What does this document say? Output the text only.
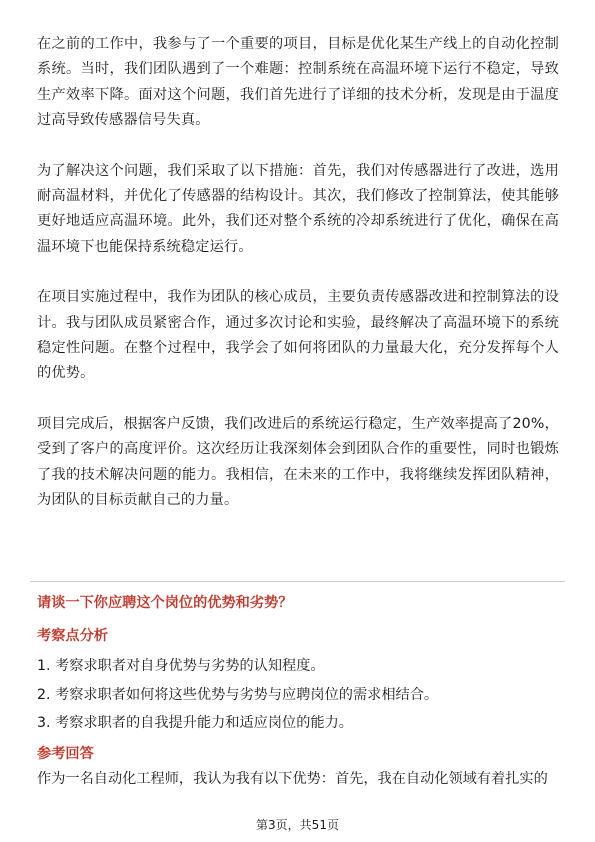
在之前的工作中，我参与了一个重要的项目，目标是优化某生产线上的自动化控制系统。当时，我们团队遇到了一个难题：控制系统在高温环境下运行不稳定，导致生产效率下降。面对这个问题，我们首先进行了详细的技术分析，发现是由于温度过高导致传感器信号失真。

为了解决这个问题，我们采取了以下措施：首先，我们对传感器进行了改进，选用耐高温材料，并优化了传感器的结构设计。其次，我们修改了控制算法，使其能够更好地适应高温环境。此外，我们还对整个系统的冷却系统进行了优化，确保在高温环境下也能保持系统稳定运行。

在项目实施过程中，我作为团队的核心成员，主要负责传感器改进和控制算法的设计。我与团队成员紧密合作，通过多次讨论和实验，最终解决了高温环境下的系统稳定性问题。在整个过程中，我学会了如何将团队的力量最大化，充分发挥每个人的优势。

项目完成后，根据客户反馈，我们改进后的系统运行稳定，生产效率提高了20%，受到了客户的高度评价。这次经历让我深刻体会到团队合作的重要性，同时也锻炼了我的技术解决问题的能力。我相信，在未来的工作中，我将继续发挥团队精神，为团队的目标贡献自己的力量。

请谈一下你应聘这个岗位的优势和劣势？
考察点分析
1. 考察求职者对自身优势与劣势的认知程度。
2. 考察求职者如何将这些优势与劣势与应聘岗位的需求相结合。
3. 考察求职者的自我提升能力和适应岗位的能力。
参考回答

作为一名自动化工程师，我认为我有以下优势：首先，我在自动化领域有着扎实的

第3页，共51页
